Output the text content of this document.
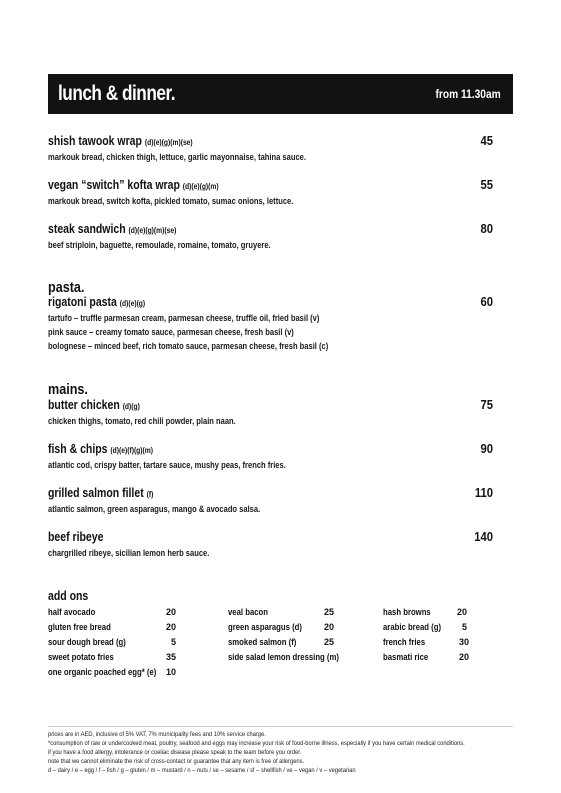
lunch & dinner.	from 11.30am
shish tawook wrap (d)(e)(g)(m)(se)	45
markouk bread, chicken thigh, lettuce, garlic mayonnaise, tahina sauce.
vegan “switch” kofta wrap (d)(e)(g)(m)	55
markouk bread, switch kofta, pickled tomato, sumac onions, lettuce.
steak sandwich (d)(e)(g)(m)(se)	80
beef striploin, baguette, remoulade, romaine, tomato, gruyere.
pasta.
rigatoni pasta (d)(e)(g)	60
tartufo – truffle parmesan cream, parmesan cheese, truffle oil, fried basil (v)
pink sauce – creamy tomato sauce, parmesan cheese, fresh basil (v)
bolognese – minced beef, rich tomato sauce, parmesan cheese, fresh basil (c)
mains.
butter chicken (d)(g)	75
chicken thighs, tomato, red chili powder, plain naan.
fish & chips (d)(e)(f)(g)(m)	90
atlantic cod, crispy batter, tartare sauce, mushy peas, french fries.
grilled salmon fillet (f)	110
atlantic salmon, green asparagus, mango & avocado salsa.
beef ribeye	140
chargrilled ribeye, sicilian lemon herb sauce.
add ons
half avocado	20
gluten free bread	20
sour dough bread (g)	5
sweet potato fries	35
one organic poached egg* (e)	10
veal bacon	25
green asparagus (d)	20
smoked salmon (f)	25
side salad lemon dressing (m)
hash browns	20
arabic bread (g)	5
french fries	30
basmati rice	20
prices are in AED, inclusive of 5% VAT, 7% municipality fees and 10% service charge.
*consumption of raw or undercooked meat, poultry, seafood and eggs may increase your risk of food-borne illness, especially if you have certain medical conditions.
if you have a food allergy, intolerance or coeliac disease please speak to the team before you order.
note that we cannot eliminate the risk of cross-contact or guarantee that any item is free of allergens.
d – dairy / e – egg / f – fish / g – gluten / m – mustard / n – nuts / se – sesame / sf – shellfish / ve – vegan / v – vegetarian
